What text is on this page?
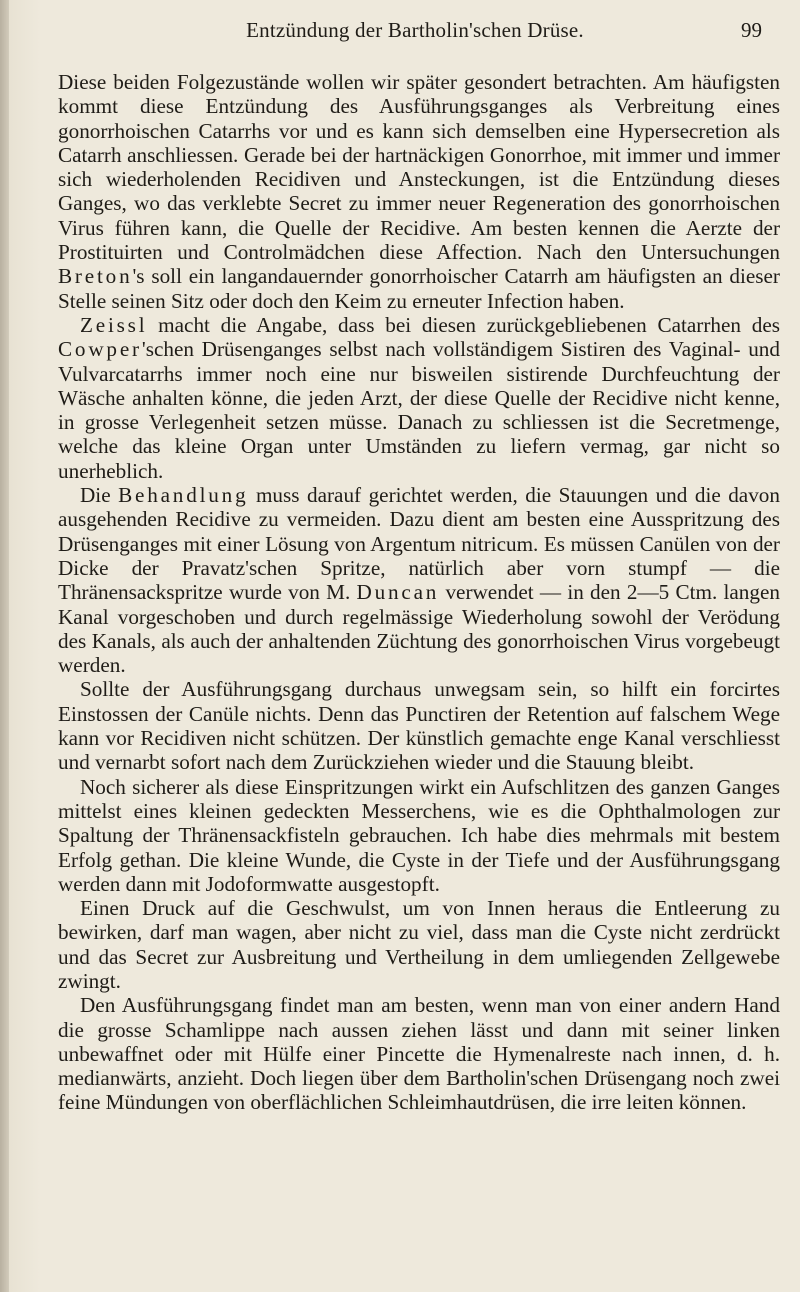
Entzündung der Bartholin'schen Drüse.	99

Diese beiden Folgezustände wollen wir später gesondert betrachten. Am häufigsten kommt diese Entzündung des Ausführungsganges als Verbreitung eines gonorrhoischen Catarrhs vor und es kann sich demselben eine Hypersecretion als Catarrh anschliessen. Gerade bei der hartnäckigen Gonorrhoe, mit immer und immer sich wiederholenden Recidiven und Ansteckungen, ist die Entzündung dieses Ganges, wo das verklebte Secret zu immer neuer Regeneration des gonorrhoischen Virus führen kann, die Quelle der Recidive. Am besten kennen die Aerzte der Prostituirten und Controlmädchen diese Affection. Nach den Untersuchungen Breton's soll ein langandauernder gonorrhoischer Catarrh am häufigsten an dieser Stelle seinen Sitz oder doch den Keim zu erneuter Infection haben.

Zeissl macht die Angabe, dass bei diesen zurückgebliebenen Catarrhen des Cowper'schen Drüsenganges selbst nach vollständigem Sistiren des Vaginal- und Vulvarcatarrhs immer noch eine nur bisweilen sistirende Durchfeuchtung der Wäsche anhalten könne, die jeden Arzt, der diese Quelle der Recidive nicht kenne, in grosse Verlegenheit setzen müsse. Danach zu schliessen ist die Secretmenge, welche das kleine Organ unter Umständen zu liefern vermag, gar nicht so unerheblich.

Die Behandlung muss darauf gerichtet werden, die Stauungen und die davon ausgehenden Recidive zu vermeiden. Dazu dient am besten eine Ausspritzung des Drüsenganges mit einer Lösung von Argentum nitricum. Es müssen Canülen von der Dicke der Pravatz'schen Spritze, natürlich aber vorn stumpf — die Thränensackspritze wurde von M. Duncan verwendet — in den 2—5 Ctm. langen Kanal vorgeschoben und durch regelmässige Wiederholung sowohl der Verödung des Kanals, als auch der anhaltenden Züchtung des gonorrhoischen Virus vorgebeugt werden.

Sollte der Ausführungsgang durchaus unwegsam sein, so hilft ein forcirtes Einstossen der Canüle nichts. Denn das Punctiren der Retention auf falschem Wege kann vor Recidiven nicht schützen. Der künstlich gemachte enge Kanal verschliesst und vernarbt sofort nach dem Zurückziehen wieder und die Stauung bleibt.

Noch sicherer als diese Einspritzungen wirkt ein Aufschlitzen des ganzen Ganges mittelst eines kleinen gedeckten Messerchens, wie es die Ophthalmologen zur Spaltung der Thränensackfisteln gebrauchen. Ich habe dies mehrmals mit bestem Erfolg gethan. Die kleine Wunde, die Cyste in der Tiefe und der Ausführungsgang werden dann mit Jodoformwatte ausgestopft.

Einen Druck auf die Geschwulst, um von Innen heraus die Entleerung zu bewirken, darf man wagen, aber nicht zu viel, dass man die Cyste nicht zerdrückt und das Secret zur Ausbreitung und Vertheilung in dem umliegenden Zellgewebe zwingt.

Den Ausführungsgang findet man am besten, wenn man von einer andern Hand die grosse Schamlippe nach aussen ziehen lässt und dann mit seiner linken unbewaffnet oder mit Hülfe einer Pincette die Hymenalreste nach innen, d. h. medianwärts, anzieht. Doch liegen über dem Bartholin'schen Drüsengang noch zwei feine Mündungen von oberflächlichen Schleimhautdrüsen, die irre leiten können.
